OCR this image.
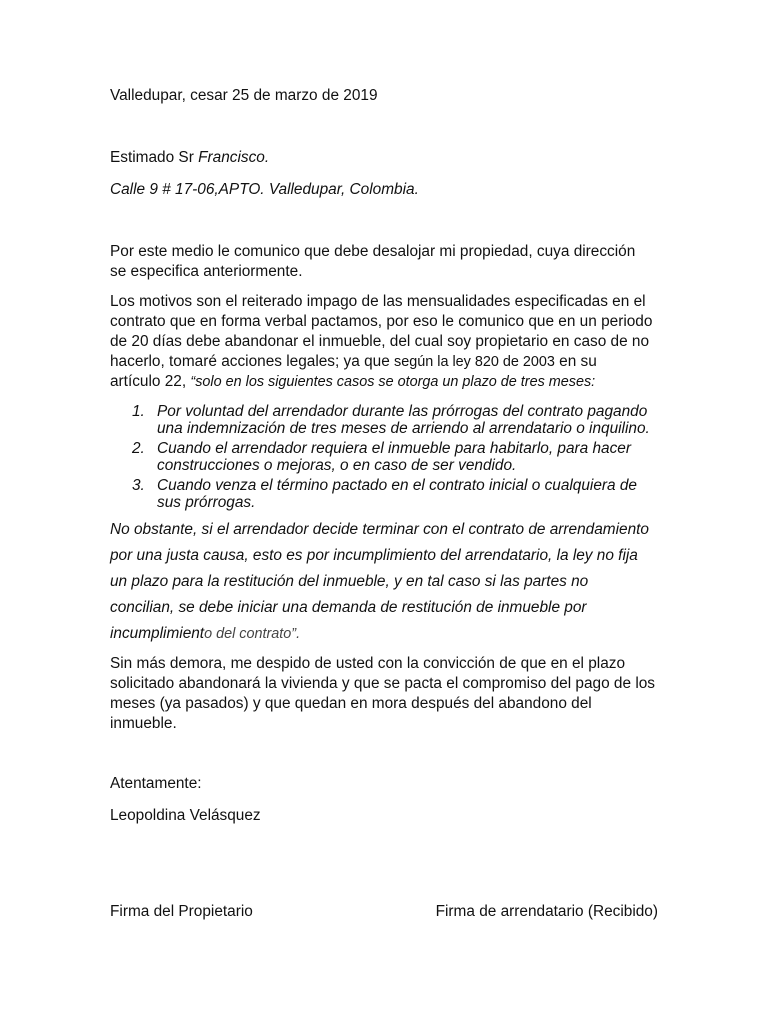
Valledupar, cesar 25 de marzo de 2019
Estimado Sr Francisco.
Calle 9 # 17-06,APTO. Valledupar, Colombia.

Por este medio le comunico que debe desalojar mi propiedad, cuya dirección

se especifica anteriormente.

Los motivos son el reiterado impago de las mensualidades especificadas en el

contrato que en forma verbal pactamos, por eso le comunico que en un periodo

de 20 días debe abandonar el inmueble, del cual soy propietario en caso de no

hacerlo, tomaré acciones legales; ya que según la ley 820 de 2003 en su

artículo 22, “solo en los siguientes casos se otorga un plazo de tres meses:

1. Por voluntad del arrendador durante las prórrogas del contrato pagando
una indemnización de tres meses de arriendo al arrendatario o inquilino.
2. Cuando el arrendador requiera el inmueble para habitarlo, para hacer
construcciones o mejoras, o en caso de ser vendido.
3. Cuando venza el término pactado en el contrato inicial o cualquiera de
sus prórrogas.

No obstante, si el arrendador decide terminar con el contrato de arrendamiento

por una justa causa, esto es por incumplimiento del arrendatario, la ley no fija

un plazo para la restitución del inmueble, y en tal caso si las partes no

concilian, se debe iniciar una demanda de restitución de inmueble por

incumplimiento del contrato”.

Sin más demora, me despido de usted con la convicción de que en el plazo

solicitado abandonará la vivienda y que se pacta el compromiso del pago de los

meses (ya pasados) y que quedan en mora después del abandono del

inmueble.

Atentamente:
Leopoldina Velásquez
Firma del Propietario	Firma de arrendatario (Recibido)
